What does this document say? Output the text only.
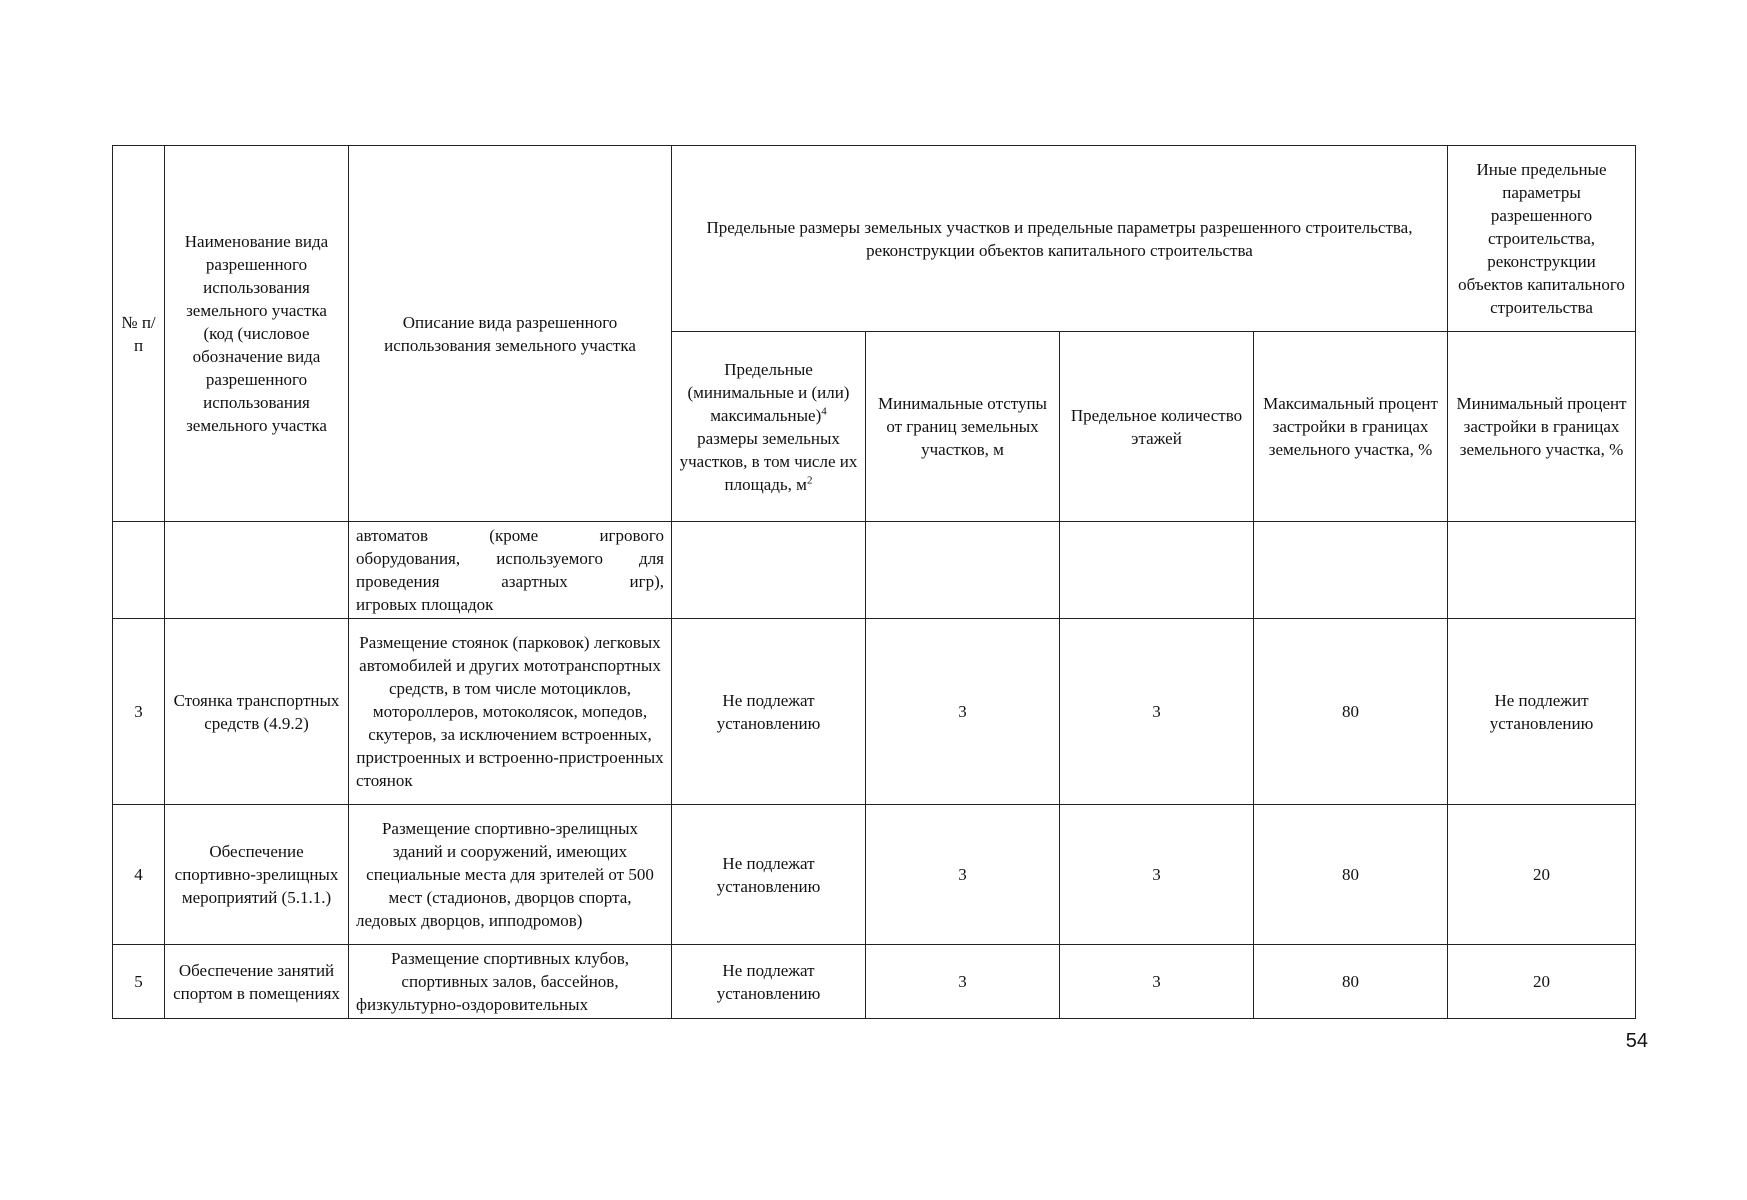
№ п/п	Наименование вида разрешенного использования земельного участка (код (числовое обозначение вида разрешенного использования земельного участка	Описание вида разрешенного использования земельного участка	Предельные размеры земельных участков и предельные параметры разрешенного строительства, реконструкции объектов капитального строительства				Иные предельные параметры разрешенного строительства, реконструкции объектов капитального строительства
			Предельные (минимальные и (или) максимальные)$^4$ размеры земельных участков, в том числе их площадь, $м^2$	Минимальные отступы от границ земельных участков, м	Предельное количество этажей	Максимальный процент застройки в границах земельного участка, %	Минимальный процент застройки в границах земельного участка, %

		автоматов (кроме игрового
оборудования, используемого для
проведения азартных игр),
игровых площадок					

3	Стоянка транспортных средств (4.9.2)	Размещение стоянок (парковок) легковых автомобилей и других мототранспортных средств, в том числе мотоциклов, мотороллеров, мотоколясок, мопедов, скутеров, за исключением встроенных, пристроенных и встроенно-пристроенных стоянок	Не подлежат установлению	3	3	80	Не подлежит установлению
4	Обеспечение спортивно-зрелищных мероприятий (5.1.1.)	Размещение спортивно-зрелищных зданий и сооружений, имеющих специальные места для зрителей от 500 мест (стадионов, дворцов спорта, ледовых дворцов, ипподромов)	Не подлежат установлению	3	3	80	20
5	Обеспечение занятий спортом в помещениях	Размещение спортивных клубов, спортивных залов, бассейнов, физкультурно-оздоровительных	Не подлежат установлению	3	3	80	20
54
